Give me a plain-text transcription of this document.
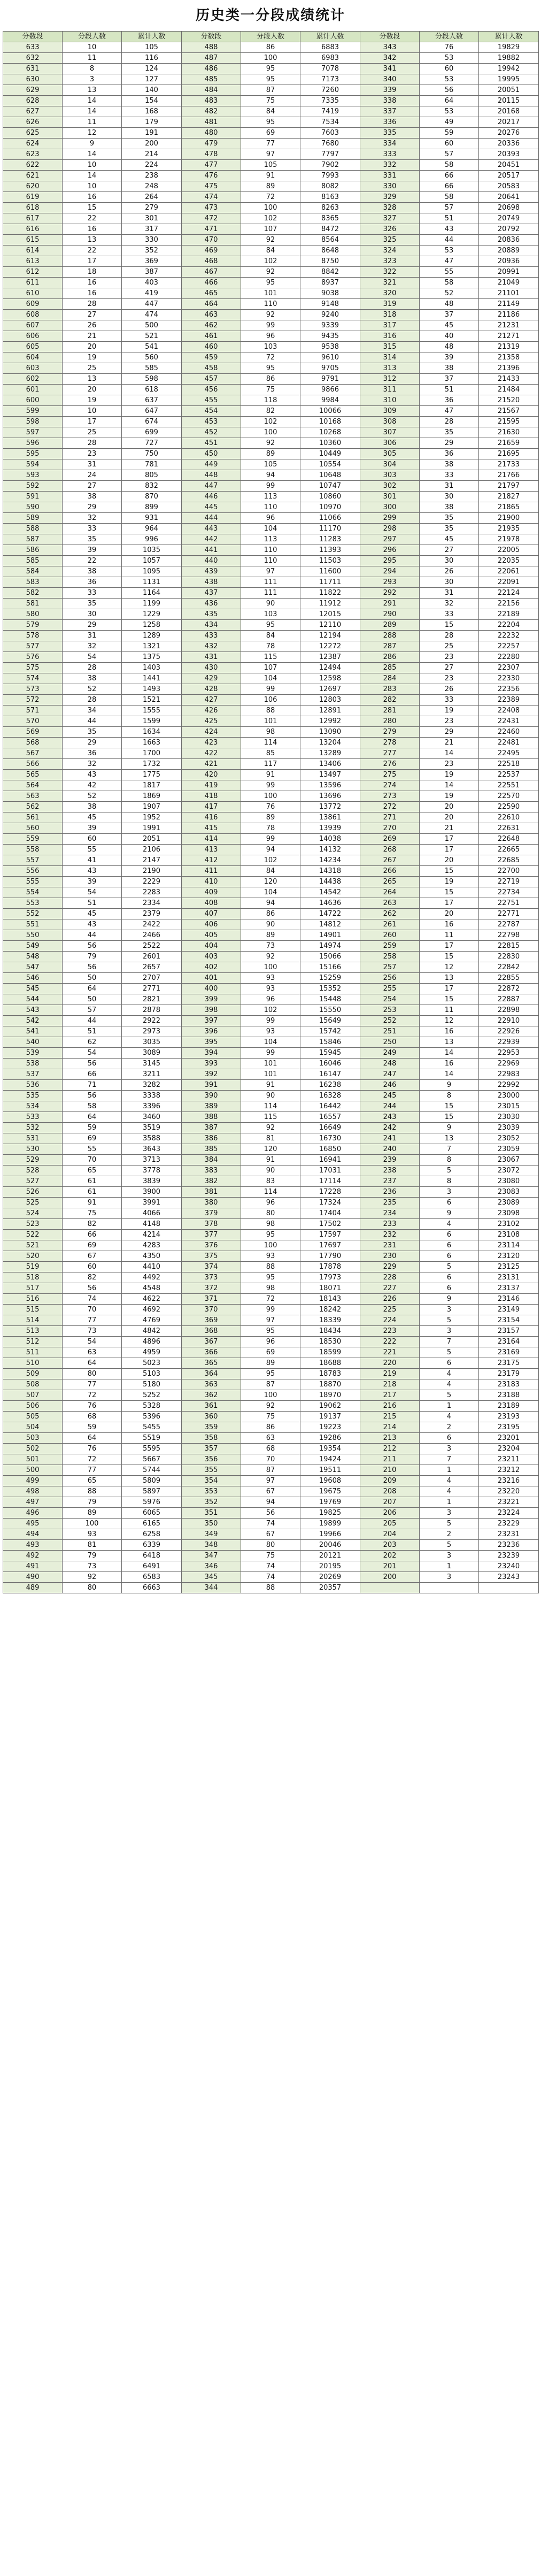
历史类一分段成绩统计
分数段	分段人数	累计人数	分数段	分段人数	累计人数	分数段	分段人数	累计人数
633	10	105	488	86	6883	343	76	19829
632	11	116	487	100	6983	342	53	19882
631	8	124	486	95	7078	341	60	19942
630	3	127	485	95	7173	340	53	19995
629	13	140	484	87	7260	339	56	20051
628	14	154	483	75	7335	338	64	20115
627	14	168	482	84	7419	337	53	20168
626	11	179	481	95	7534	336	49	20217
625	12	191	480	69	7603	335	59	20276
624	9	200	479	77	7680	334	60	20336
623	14	214	478	97	7797	333	57	20393
622	10	224	477	105	7902	332	58	20451
621	14	238	476	91	7993	331	66	20517
620	10	248	475	89	8082	330	66	20583
619	16	264	474	72	8163	329	58	20641
618	15	279	473	100	8263	328	57	20698
617	22	301	472	102	8365	327	51	20749
616	16	317	471	107	8472	326	43	20792
615	13	330	470	92	8564	325	44	20836
614	22	352	469	84	8648	324	53	20889
613	17	369	468	102	8750	323	47	20936
612	18	387	467	92	8842	322	55	20991
611	16	403	466	95	8937	321	58	21049
610	16	419	465	101	9038	320	52	21101
609	28	447	464	110	9148	319	48	21149
608	27	474	463	92	9240	318	37	21186
607	26	500	462	99	9339	317	45	21231
606	21	521	461	96	9435	316	40	21271
605	20	541	460	103	9538	315	48	21319
604	19	560	459	72	9610	314	39	21358
603	25	585	458	95	9705	313	38	21396
602	13	598	457	86	9791	312	37	21433
601	20	618	456	75	9866	311	51	21484
600	19	637	455	118	9984	310	36	21520
599	10	647	454	82	10066	309	47	21567
598	17	674	453	102	10168	308	28	21595
597	25	699	452	100	10268	307	35	21630
596	28	727	451	92	10360	306	29	21659
595	23	750	450	89	10449	305	36	21695
594	31	781	449	105	10554	304	38	21733
593	24	805	448	94	10648	303	33	21766
592	27	832	447	99	10747	302	31	21797
591	38	870	446	113	10860	301	30	21827
590	29	899	445	110	10970	300	38	21865
589	32	931	444	96	11066	299	35	21900
588	33	964	443	104	11170	298	35	21935
587	35	996	442	113	11283	297	45	21978
586	39	1035	441	110	11393	296	27	22005
585	22	1057	440	110	11503	295	30	22035
584	38	1095	439	97	11600	294	26	22061
583	36	1131	438	111	11711	293	30	22091
582	33	1164	437	111	11822	292	31	22124
581	35	1199	436	90	11912	291	32	22156
580	30	1229	435	103	12015	290	33	22189
579	29	1258	434	95	12110	289	15	22204
578	31	1289	433	84	12194	288	28	22232
577	32	1321	432	78	12272	287	25	22257
576	54	1375	431	115	12387	286	23	22280
575	28	1403	430	107	12494	285	27	22307
574	38	1441	429	104	12598	284	23	22330
573	52	1493	428	99	12697	283	26	22356
572	28	1521	427	106	12803	282	33	22389
571	34	1555	426	88	12891	281	19	22408
570	44	1599	425	101	12992	280	23	22431
569	35	1634	424	98	13090	279	29	22460
568	29	1663	423	114	13204	278	21	22481
567	36	1700	422	85	13289	277	14	22495
566	32	1732	421	117	13406	276	23	22518
565	43	1775	420	91	13497	275	19	22537
564	42	1817	419	99	13596	274	14	22551
563	52	1869	418	100	13696	273	19	22570
562	38	1907	417	76	13772	272	20	22590
561	45	1952	416	89	13861	271	20	22610
560	39	1991	415	78	13939	270	21	22631
559	60	2051	414	99	14038	269	17	22648
558	55	2106	413	94	14132	268	17	22665
557	41	2147	412	102	14234	267	20	22685
556	43	2190	411	84	14318	266	15	22700
555	39	2229	410	120	14438	265	19	22719
554	54	2283	409	104	14542	264	15	22734
553	51	2334	408	94	14636	263	17	22751
552	45	2379	407	86	14722	262	20	22771
551	43	2422	406	90	14812	261	16	22787
550	44	2466	405	89	14901	260	11	22798
549	56	2522	404	73	14974	259	17	22815
548	79	2601	403	92	15066	258	15	22830
547	56	2657	402	100	15166	257	12	22842
546	50	2707	401	93	15259	256	13	22855
545	64	2771	400	93	15352	255	17	22872
544	50	2821	399	96	15448	254	15	22887
543	57	2878	398	102	15550	253	11	22898
542	44	2922	397	99	15649	252	12	22910
541	51	2973	396	93	15742	251	16	22926
540	62	3035	395	104	15846	250	13	22939
539	54	3089	394	99	15945	249	14	22953
538	56	3145	393	101	16046	248	16	22969
537	66	3211	392	101	16147	247	14	22983
536	71	3282	391	91	16238	246	9	22992
535	56	3338	390	90	16328	245	8	23000
534	58	3396	389	114	16442	244	15	23015
533	64	3460	388	115	16557	243	15	23030
532	59	3519	387	92	16649	242	9	23039
531	69	3588	386	81	16730	241	13	23052
530	55	3643	385	120	16850	240	7	23059
529	70	3713	384	91	16941	239	8	23067
528	65	3778	383	90	17031	238	5	23072
527	61	3839	382	83	17114	237	8	23080
526	61	3900	381	114	17228	236	3	23083
525	91	3991	380	96	17324	235	6	23089
524	75	4066	379	80	17404	234	9	23098
523	82	4148	378	98	17502	233	4	23102
522	66	4214	377	95	17597	232	6	23108
521	69	4283	376	100	17697	231	6	23114
520	67	4350	375	93	17790	230	6	23120
519	60	4410	374	88	17878	229	5	23125
518	82	4492	373	95	17973	228	6	23131
517	56	4548	372	98	18071	227	6	23137
516	74	4622	371	72	18143	226	9	23146
515	70	4692	370	99	18242	225	3	23149
514	77	4769	369	97	18339	224	5	23154
513	73	4842	368	95	18434	223	3	23157
512	54	4896	367	96	18530	222	7	23164
511	63	4959	366	69	18599	221	5	23169
510	64	5023	365	89	18688	220	6	23175
509	80	5103	364	95	18783	219	4	23179
508	77	5180	363	87	18870	218	4	23183
507	72	5252	362	100	18970	217	5	23188
506	76	5328	361	92	19062	216	1	23189
505	68	5396	360	75	19137	215	4	23193
504	59	5455	359	86	19223	214	2	23195
503	64	5519	358	63	19286	213	6	23201
502	76	5595	357	68	19354	212	3	23204
501	72	5667	356	70	19424	211	7	23211
500	77	5744	355	87	19511	210	1	23212
499	65	5809	354	97	19608	209	4	23216
498	88	5897	353	67	19675	208	4	23220
497	79	5976	352	94	19769	207	1	23221
496	89	6065	351	56	19825	206	3	23224
495	100	6165	350	74	19899	205	5	23229
494	93	6258	349	67	19966	204	2	23231
493	81	6339	348	80	20046	203	5	23236
492	79	6418	347	75	20121	202	3	23239
491	73	6491	346	74	20195	201	1	23240
490	92	6583	345	74	20269	200	3	23243
489	80	6663	344	88	20357			
